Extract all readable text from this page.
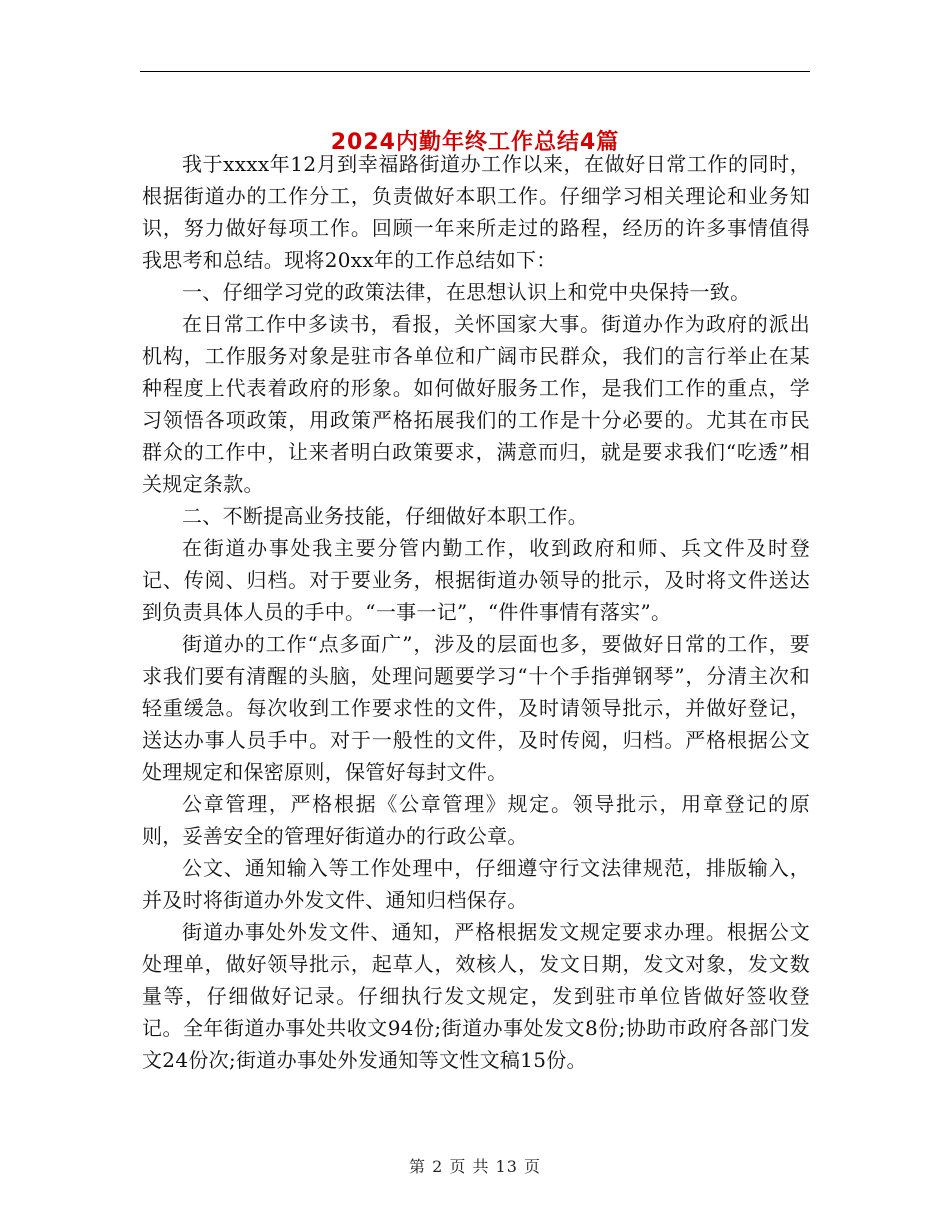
2024内勤年终工作总结4篇

我于xxxx年12月到幸福路街道办工作以来，在做好日常工作的同时，根据街道办的工作分工，负责做好本职工作。仔细学习相关理论和业务知识，努力做好每项工作。回顾一年来所走过的路程，经历的许多事情值得我思考和总结。现将20xx年的工作总结如下：

一、仔细学习党的政策法律，在思想认识上和党中央保持一致。

在日常工作中多读书，看报，关怀国家大事。街道办作为政府的派出机构，工作服务对象是驻市各单位和广阔市民群众，我们的言行举止在某种程度上代表着政府的形象。如何做好服务工作，是我们工作的重点，学习领悟各项政策，用政策严格拓展我们的工作是十分必要的。尤其在市民群众的工作中，让来者明白政策要求，满意而归，就是要求我们“吃透”相关规定条款。

二、不断提高业务技能，仔细做好本职工作。

在街道办事处我主要分管内勤工作，收到政府和师、兵文件及时登记、传阅、归档。对于要业务，根据街道办领导的批示，及时将文件送达到负责具体人员的手中。“一事一记”，“件件事情有落实”。

街道办的工作“点多面广”，涉及的层面也多，要做好日常的工作，要求我们要有清醒的头脑，处理问题要学习“十个手指弹钢琴”，分清主次和轻重缓急。每次收到工作要求性的文件，及时请领导批示，并做好登记，送达办事人员手中。对于一般性的文件，及时传阅，归档。严格根据公文处理规定和保密原则，保管好每封文件。

公章管理，严格根据《公章管理》规定。领导批示，用章登记的原则，妥善安全的管理好街道办的行政公章。

公文、通知输入等工作处理中，仔细遵守行文法律规范，排版输入，并及时将街道办外发文件、通知归档保存。

街道办事处外发文件、通知，严格根据发文规定要求办理。根据公文处理单，做好领导批示，起草人，效核人，发文日期，发文对象，发文数量等，仔细做好记录。仔细执行发文规定，发到驻市单位皆做好签收登记。全年街道办事处共收文94份;街道办事处发文8份;协助市政府各部门发文24份次;街道办事处外发通知等文性文稿15份。

第 2 页 共 13 页
